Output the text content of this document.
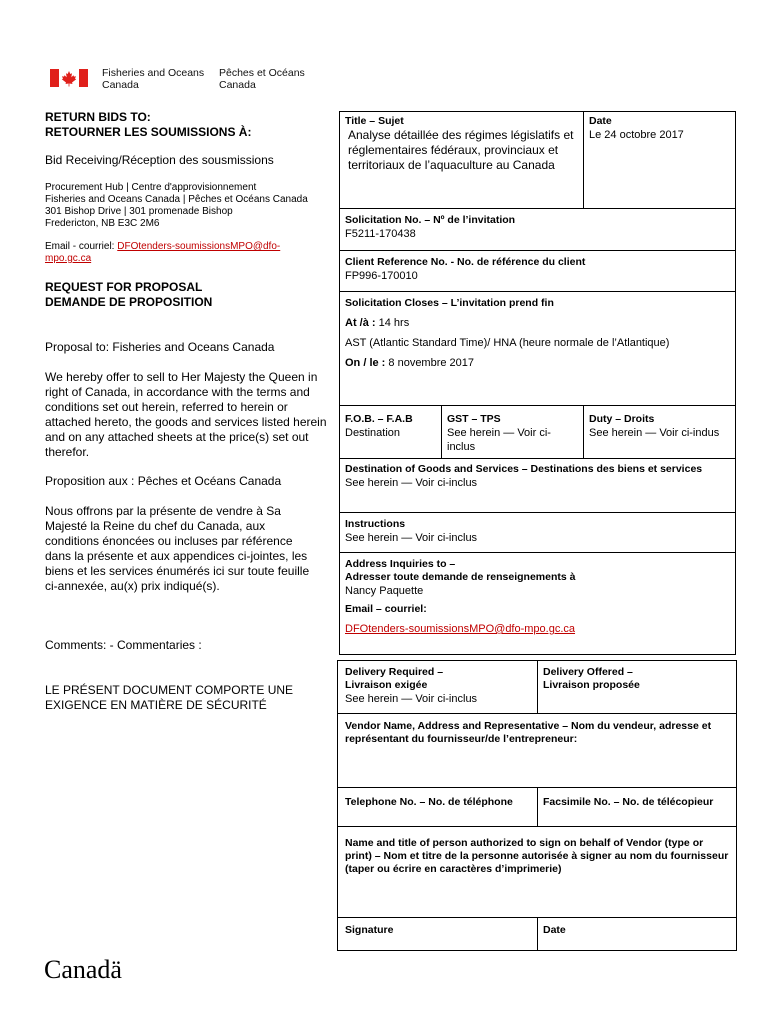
Fisheries and Oceans
Canada
Pêches et Océans
Canada
RETURN BIDS TO:
RETOURNER LES SOUMISSIONS À:
Bid Receiving/Réception des sousmissions
Procurement Hub | Centre d'approvisionnement
Fisheries and Oceans Canada | Pêches et Océans Canada
301 Bishop Drive | 301 promenade Bishop
Fredericton, NB E3C 2M6
Email - courriel: DFOtenders-soumissionsMPO@dfo-
mpo.gc.ca
REQUEST FOR PROPOSAL
DEMANDE DE PROPOSITION
Proposal to: Fisheries and Oceans Canada
We hereby offer to sell to Her Majesty the Queen in right of Canada, in accordance with the terms and conditions set out herein, referred to herein or attached hereto, the goods and services listed herein and on any attached sheets at the price(s) set out therefor.
Proposition aux : Pêches et Océans Canada
Nous offrons par la présente de vendre à Sa Majesté la Reine du chef du Canada, aux conditions énoncées ou incluses par référence dans la présente et aux appendices ci-jointes, les biens et les services énumérés ici sur toute feuille ci-annexée, au(x) prix indiqué(s).
Comments: - Commentaries :
LE PRÉSENT DOCUMENT COMPORTE UNE EXIGENCE EN MATIÈRE DE SÉCURITÉ
Title – Sujet
Analyse détaillée des régimes législatifs et réglementaires fédéraux, provinciaux et territoriaux de l’aquaculture au Canada
Date
Le 24 octobre 2017
Solicitation No. – Nº de l’invitation
F5211-170438
Client Reference No. - No. de référence du client
FP996-170010
Solicitation Closes – L’invitation prend fin
At /à : 14 hrs
AST (Atlantic Standard Time)/ HNA (heure normale de l’Atlantique)
On / le : 8 novembre 2017
F.O.B. – F.A.B
Destination
GST – TPS
See herein — Voir ci-inclus
Duty – Droits
See herein — Voir ci-indus
Destination of Goods and Services – Destinations des biens et services
See herein — Voir ci-inclus
Instructions
See herein — Voir ci-inclus
Address Inquiries to –
Adresser toute demande de renseignements à
Nancy Paquette
Email – courriel:
DFOtenders-soumissionsMPO@dfo-mpo.gc.ca
Delivery Required –
Livraison exigée
See herein — Voir ci-inclus
Delivery Offered –
Livraison proposée
Vendor Name, Address and Representative – Nom du vendeur, adresse et représentant du fournisseur/de l’entrepreneur:
Telephone No. – No. de téléphone	Facsimile No. – No. de télécopieur
Name and title of person authorized to sign on behalf of Vendor (type or print) – Nom et titre de la personne autorisée à signer au nom du fournisseur (taper ou écrire en caractères d’imprimerie)
Signature	Date
Canadä
